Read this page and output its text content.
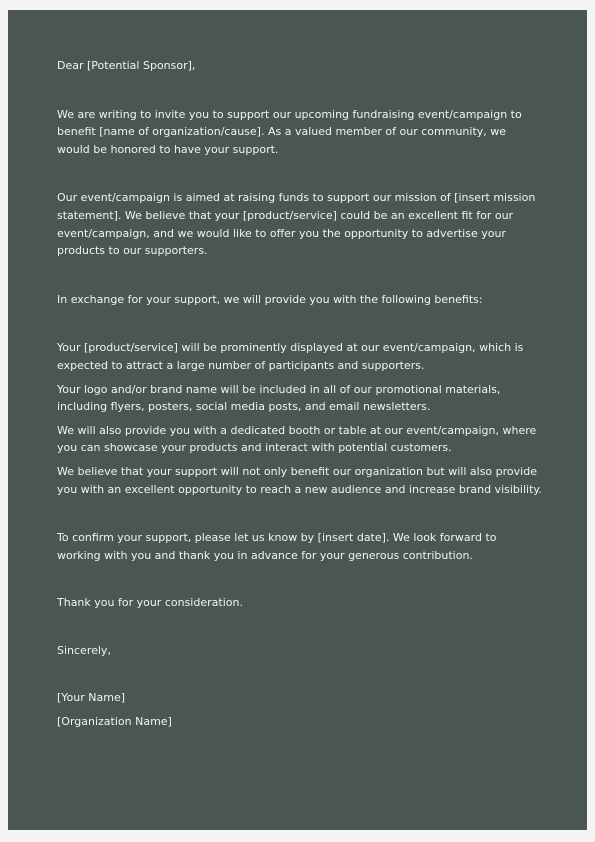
Dear [Potential Sponsor],

We are writing to invite you to support our upcoming fundraising event/campaign to benefit [name of organization/cause]. As a valued member of our community, we would be honored to have your support.

Our event/campaign is aimed at raising funds to support our mission of [insert mission statement]. We believe that your [product/service] could be an excellent fit for our event/campaign, and we would like to offer you the opportunity to advertise your products to our supporters.

In exchange for your support, we will provide you with the following benefits:

Your [product/service] will be prominently displayed at our event/campaign, which is expected to attract a large number of participants and supporters.

Your logo and/or brand name will be included in all of our promotional materials, including flyers, posters, social media posts, and email newsletters.

We will also provide you with a dedicated booth or table at our event/campaign, where you can showcase your products and interact with potential customers.

We believe that your support will not only benefit our organization but will also provide you with an excellent opportunity to reach a new audience and increase brand visibility.

To confirm your support, please let us know by [insert date]. We look forward to working with you and thank you in advance for your generous contribution.

Thank you for your consideration.

Sincerely,

[Your Name]

[Organization Name]
